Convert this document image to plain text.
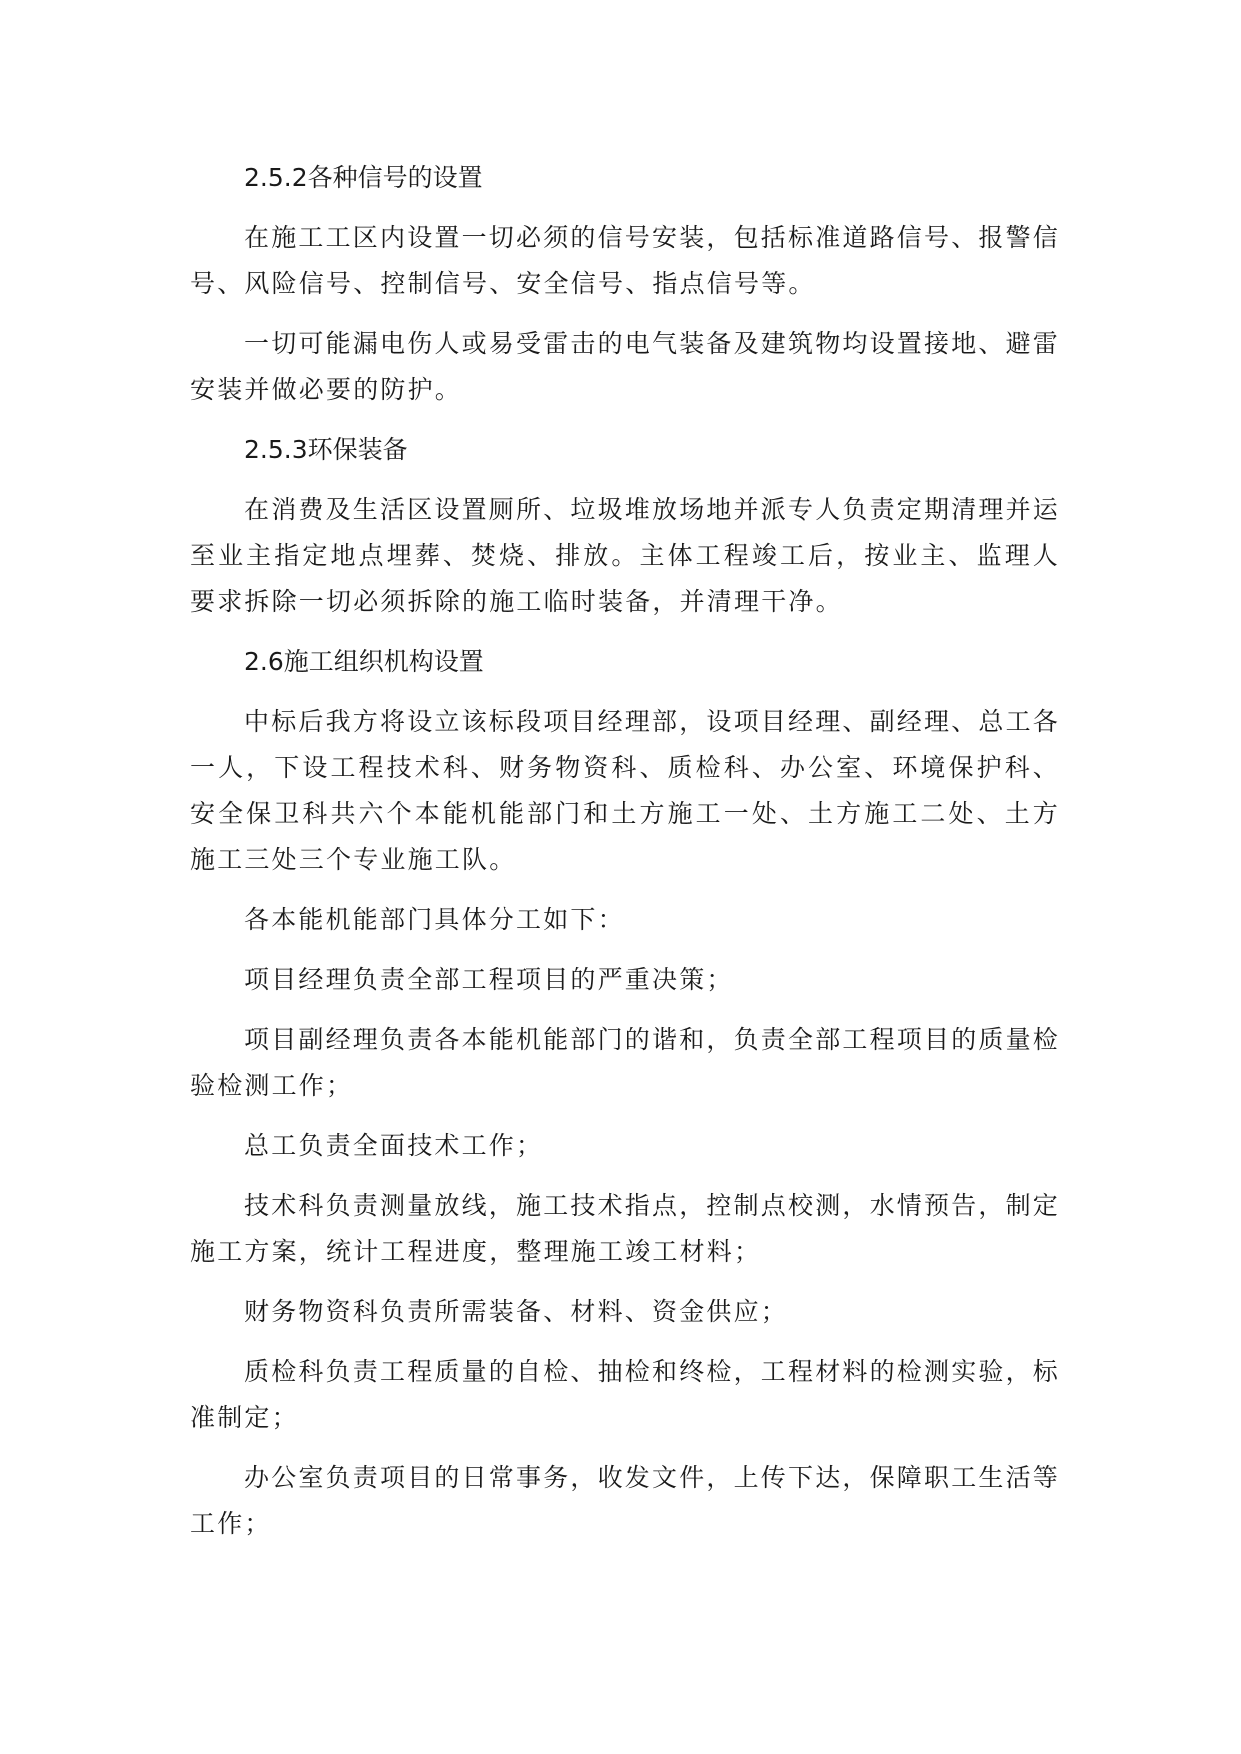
2.5.2各种信号的设置

在施工工区内设置一切必须的信号安装，包括标准道路信号、报警信号、风险信号、控制信号、安全信号、指点信号等。

一切可能漏电伤人或易受雷击的电气装备及建筑物均设置接地、避雷安装并做必要的防护。

2.5.3环保装备

在消费及生活区设置厕所、垃圾堆放场地并派专人负责定期清理并运至业主指定地点埋葬、焚烧、排放。主体工程竣工后，按业主、监理人要求拆除一切必须拆除的施工临时装备，并清理干净。

2.6施工组织机构设置

中标后我方将设立该标段项目经理部，设项目经理、副经理、总工各一人，下设工程技术科、财务物资科、质检科、办公室、环境保护科、安全保卫科共六个本能机能部门和土方施工一处、土方施工二处、土方施工三处三个专业施工队。

各本能机能部门具体分工如下：

项目经理负责全部工程项目的严重决策；

项目副经理负责各本能机能部门的谐和，负责全部工程项目的质量检验检测工作；

总工负责全面技术工作；

技术科负责测量放线，施工技术指点，控制点校测，水情预告，制定施工方案，统计工程进度，整理施工竣工材料；

财务物资科负责所需装备、材料、资金供应；

质检科负责工程质量的自检、抽检和终检，工程材料的检测实验，标准制定；

办公室负责项目的日常事务，收发文件，上传下达，保障职工生活等工作；
